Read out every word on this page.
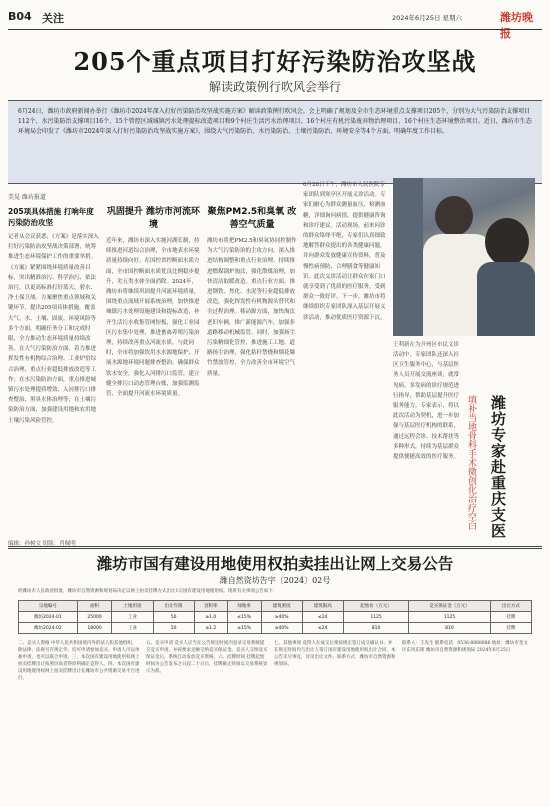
B04 关注	2024年6月25日 星期六	潍坊晚报
205个重点项目打好污染防治攻坚战
解读政策例行吹风会举行

6月24日，潍坊市政府新闻办举行《潍坊市2024年深入打好污染防治攻坚战实施方案》解读政策例行吹风会。会上明确了规划及全市生态环境重点支撑项目205个，分别为大气污染防治支撑项目112个、水污染防治支撑项目16个、15个管控区域城镇污水处理提标改造项目和9个村庄生活污水治理项目、16个村庄有机污染废弃物治理项目、16个村庄生态环境整治项目。近日，潍坊市生态环境局会印发了《潍坊市2024年深入打好污染防治攻坚战实施方案》，围绕大气污染防治、水污染防治、土壤污染防治、环境安全等4个方面，明确年度工作目标。

美晃 潍坊报道
205项具体措施 打响年度污染防治攻坚

记者从会议获悉，《方案》是落实深入打好污染防治攻坚战决策部署，统筹推进生态环境保护工作的重要举措。《方案》紧紧围绕环境质量改善目标，突出精准治污、科学治污、依法治污，以更高标准打好蓝天、碧水、净土保卫战。方案聚焦重点领域和关键环节，提出205项具体措施，覆盖大气、水、土壤、固废、环境风险等多个方面，明确任务分工和完成时限，全力推动生态环境质量持续改善。在大气污染防治方面，着力推进挥发性有机物综合治理、工业炉窑综合治理、重点行业超低排放改造等工作；在水污染防治方面，重点推进城镇污水处理提质增效、入河排污口排查整治、黑臭水体治理等；在土壤污染防治方面，加强建设用地和农用地土壤污染风险管控。

巩固提升 潍坊市河流环境

近年来，潍坊市深入实施河湖长制，持续推进河道综合治理，全市地表水环境质量持续向好。在国控省控断面水质方面，全市国控断面水质优良比例稳步提升，劣五类水体全面消除。2024年，潍坊市将继续巩固提升河流环境质量，围绕重点流域开展系统治理，加快推进城镇污水处理设施建设和提标改造，补齐生活污水收集管网短板，强化工业园区污水集中处理，推进畜禽养殖污染治理，持续改善重点河流水质。与此同时，全市将加强饮用水水源地保护，开展水源地环境问题排查整治，确保群众饮水安全。强化入河排污口监管，建立健全排污口动态管理台账，加强监测监管，全面提升河流水环境质量。

聚焦PM2.5和臭氧 改善空气质量

潍坊市将把PM2.5和臭氧协同控制作为大气污染防治的主攻方向，深入推进结构调整和重点行业治理。持续推进燃煤锅炉淘汰，强化散煤治理，加快清洁取暖改造。重点行业方面，推进钢铁、焦化、水泥等行业超低排放改造，强化挥发性有机物源头替代和全过程治理。移动源方面，加快淘汰老旧车辆，推广新能源汽车，加强非道路移动机械监管。同时，加强扬尘污染精细化管控，推进施工工地、道路扬尘治理，强化秸秆禁烧和烟花爆竹禁放管控，全力改善全市环境空气质量。

6月28日下午，潍坊市人民医院专家团队到寒亭区开展义诊活动。专家们耐心为群众测量血压、检测血糖，详细询问病情，提供健康咨询和诊疗建议。活动现场，前来问诊的群众络绎不绝，专家们认真细致地解答群众提出的各类健康问题，并向群众发放健康宣传资料，普及慢性病预防、合理膳食等健康知识。此次义诊活动让群众在家门口就享受到了优质的医疗服务，受到群众一致好评。下一步，潍坊市将继续组织专家团队深入基层开展义诊活动，推动优质医疗资源下沉。

王利新在为开州区市民义诊

活动中，专家团队还深入社区卫生服务中心，与基层医务人员开展交流座谈，就常见病、多发病的诊疗规范进行指导，帮助基层提升医疗服务能力。专家表示，将以此次活动为契机，进一步加强与基层医疗机构的联系，通过远程会诊、技术帮扶等多种形式，持续为基层群众提供便捷高效的医疗服务。 填补当地骨科手术微创化治疗空白 潍坊专家赴重庆支医
编辑：孙树文 组版：肖佩明
潍坊市国有建设用地使用权拍卖挂出让网上交易公告
潍自然资坊告字〔2024〕02号
经潍坊市人民政府批准，潍坊市自然资源和规划局决定以网上拍卖挂牌方式出让1宗国有建设用地使用权。现将有关事项公告如下：
宗地编号	面积	土地用途	出让年限	容积率	绿地率	建筑密度	建筑限高	起始价（万元）	竞买保证金（万元）	出让方式
潍坊2024-01	25000	工业	50	≥1.0	≤15%	≥40%	≤24	1125	1125	挂牌
潍坊2024-02	18000	工业	50	≥1.2	≤15%	≥40%	≤24	810	810	挂牌
二、竞买人资格 中华人民共和国境内外的法人和其他组织，除法律、法规另有规定外，均可申请参加竞买。申请人可以单独申请，也可以联合申请。三、本次国有建设用地使用权网上拍卖挂牌出让按照价高者得原则确定竞得人。四、本次国有建设用地使用权网上拍卖挂牌出让在潍坊市公共资源交易平台进行。
五、竞买申请 竞买人应当在公告规定时间内登录交易系统提交竞买申请，并按要求足额交纳竞买保证金。竞买人交纳竞买保证金后，系统自动发放竞买资格。六、挂牌时间 挂牌起始时间为公告发布之日起二十日后，挂牌截止时间以交易系统显示为准。
七、其他事项 竞得人在成交后须按规定签订成交确认书，并在规定时间内与出让人签订国有建设用地使用权出让合同。本公告未尽事宜，详见出让文件。联系方式：潍坊市自然资源和规划局。
联系人：王先生 联系电话：0536-8888888 地址：潍坊市奎文区东风东街 潍坊市自然资源和规划局 2024年6月25日
